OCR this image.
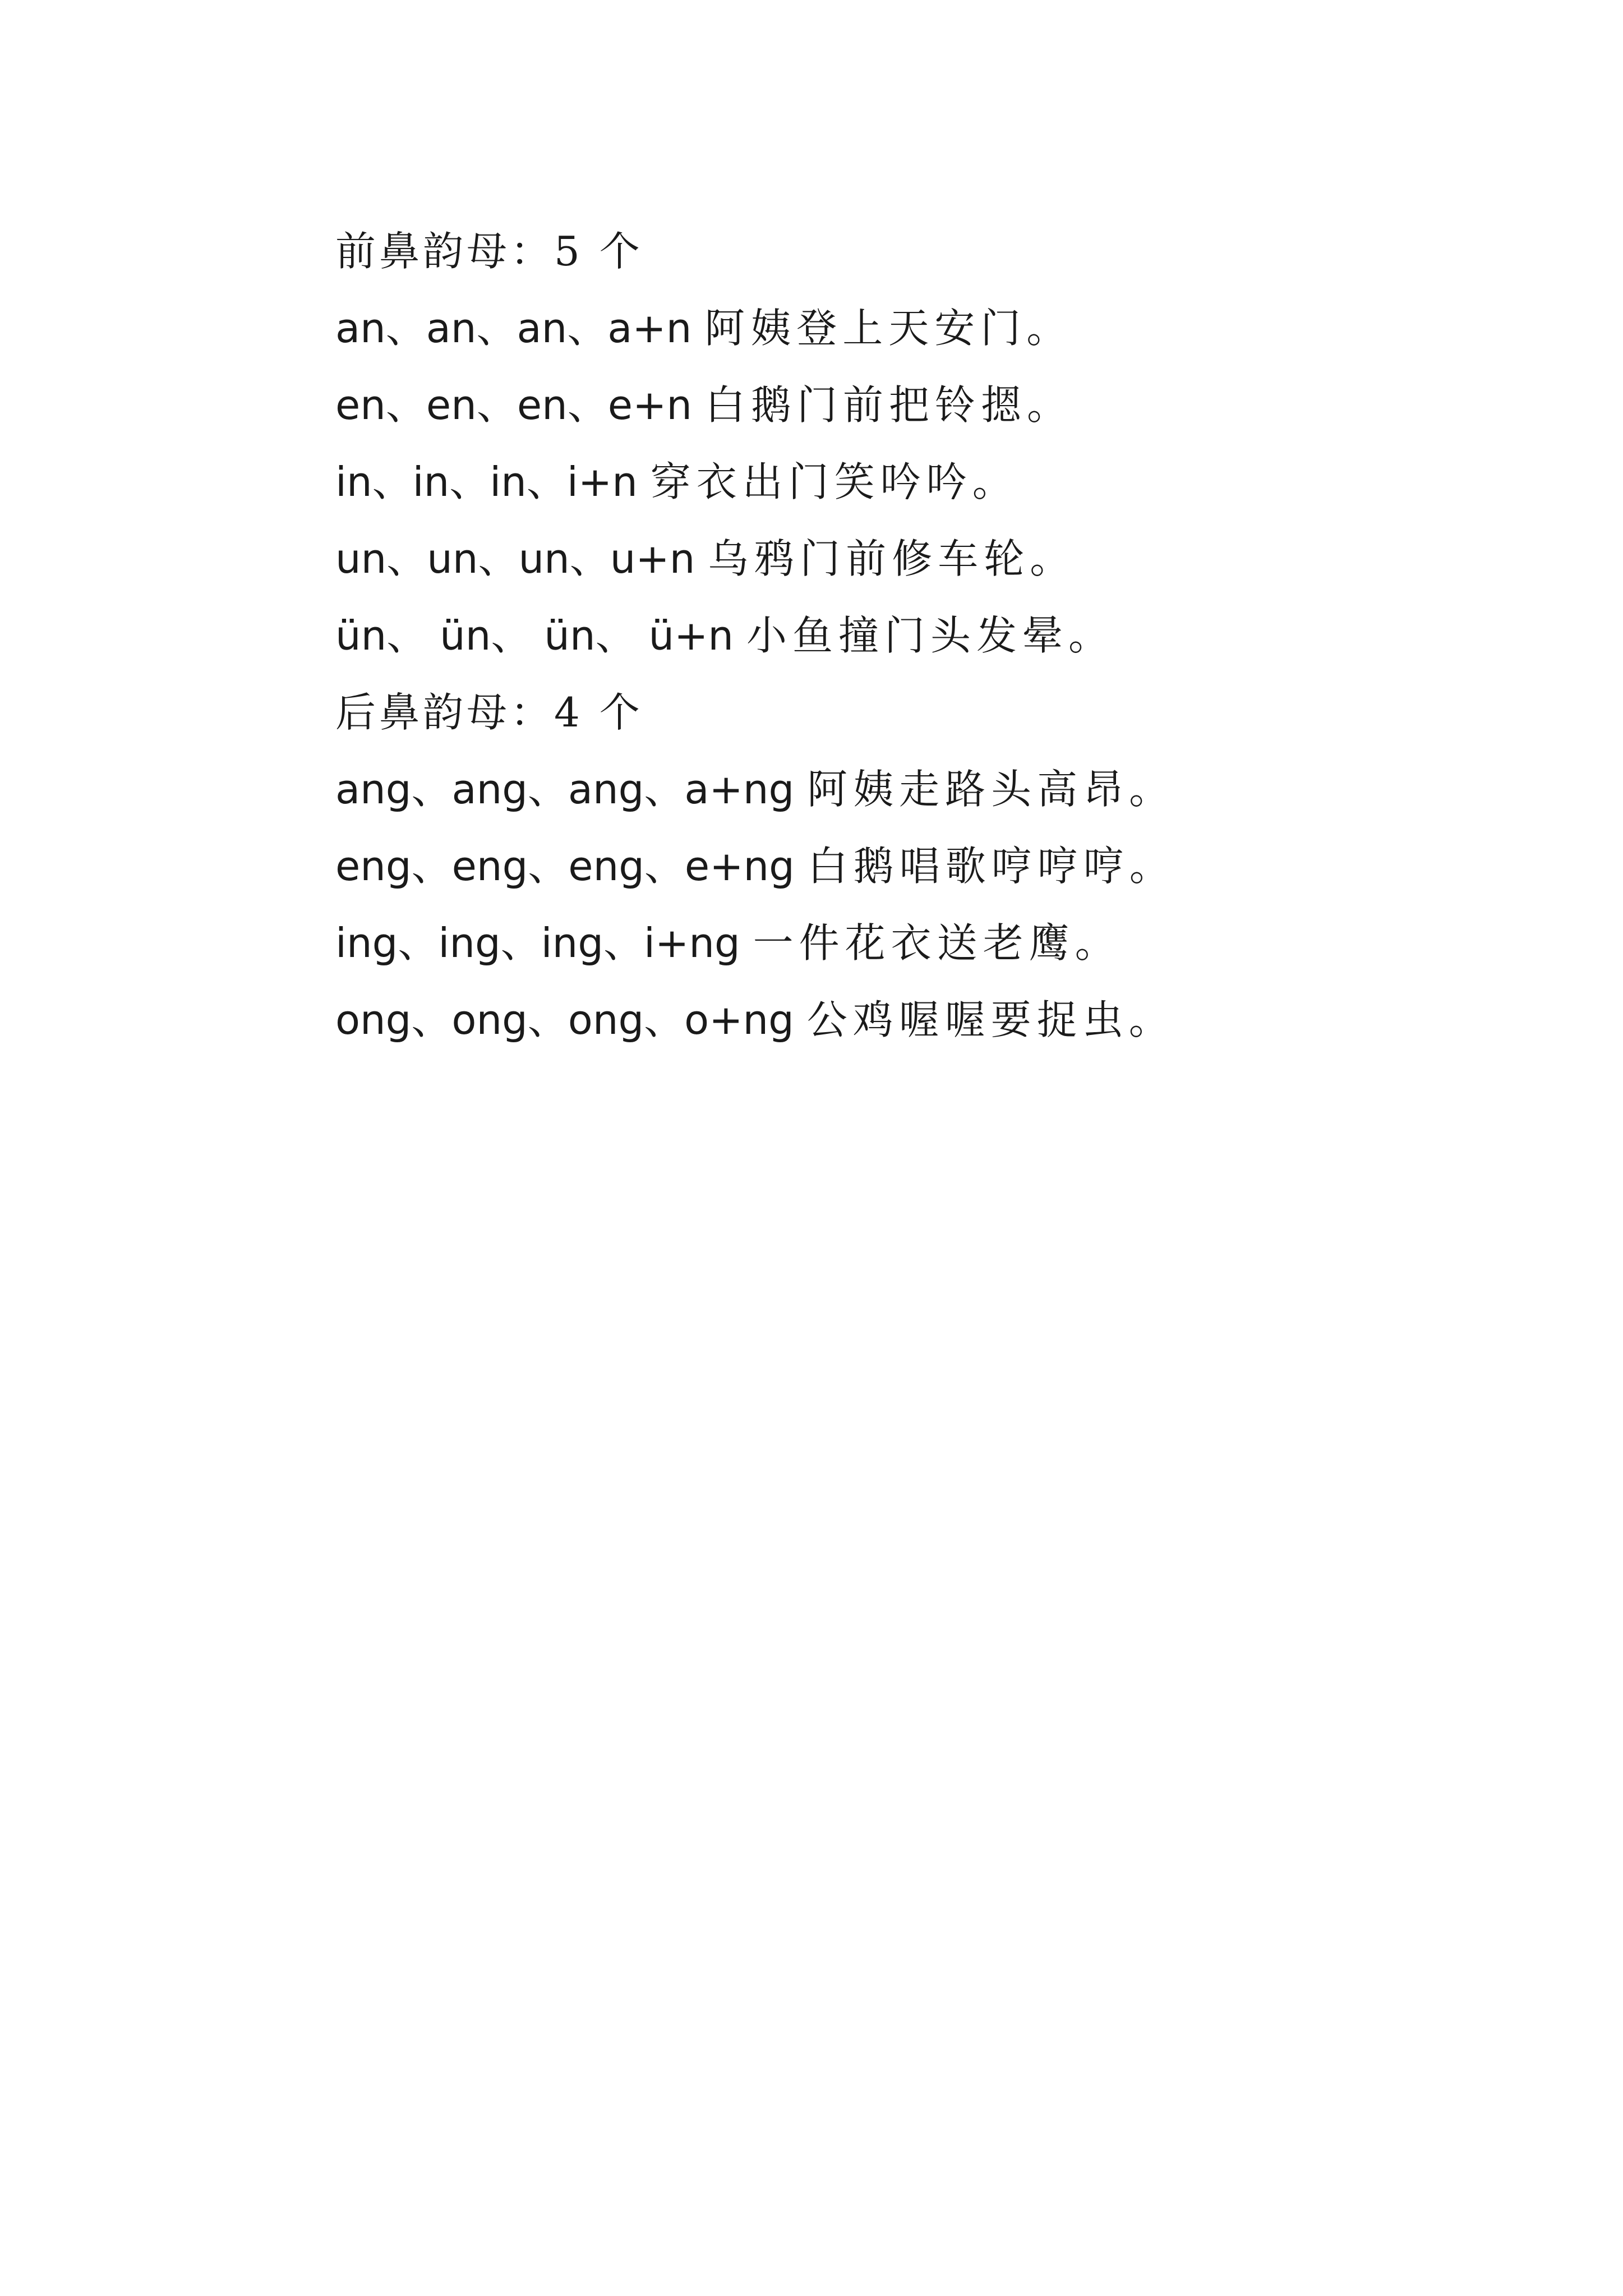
前鼻韵母：5 个
an、an、an、a+n 阿姨登上天安门。
en、en、en、e+n 白鹅门前把铃摁。
in、in、in、i+n 穿衣出门笑吟吟。
un、un、un、u+n 乌鸦门前修车轮。
ün、 ün、 ün、 ü+n 小鱼撞门头发晕。
后鼻韵母：4 个
ang、ang、ang、a+ng 阿姨走路头高昂。
eng、eng、eng、e+ng 白鹅唱歌哼哼哼。
ing、ing、ing、i+ng 一件花衣送老鹰。
ong、ong、ong、o+ng 公鸡喔喔要捉虫。
